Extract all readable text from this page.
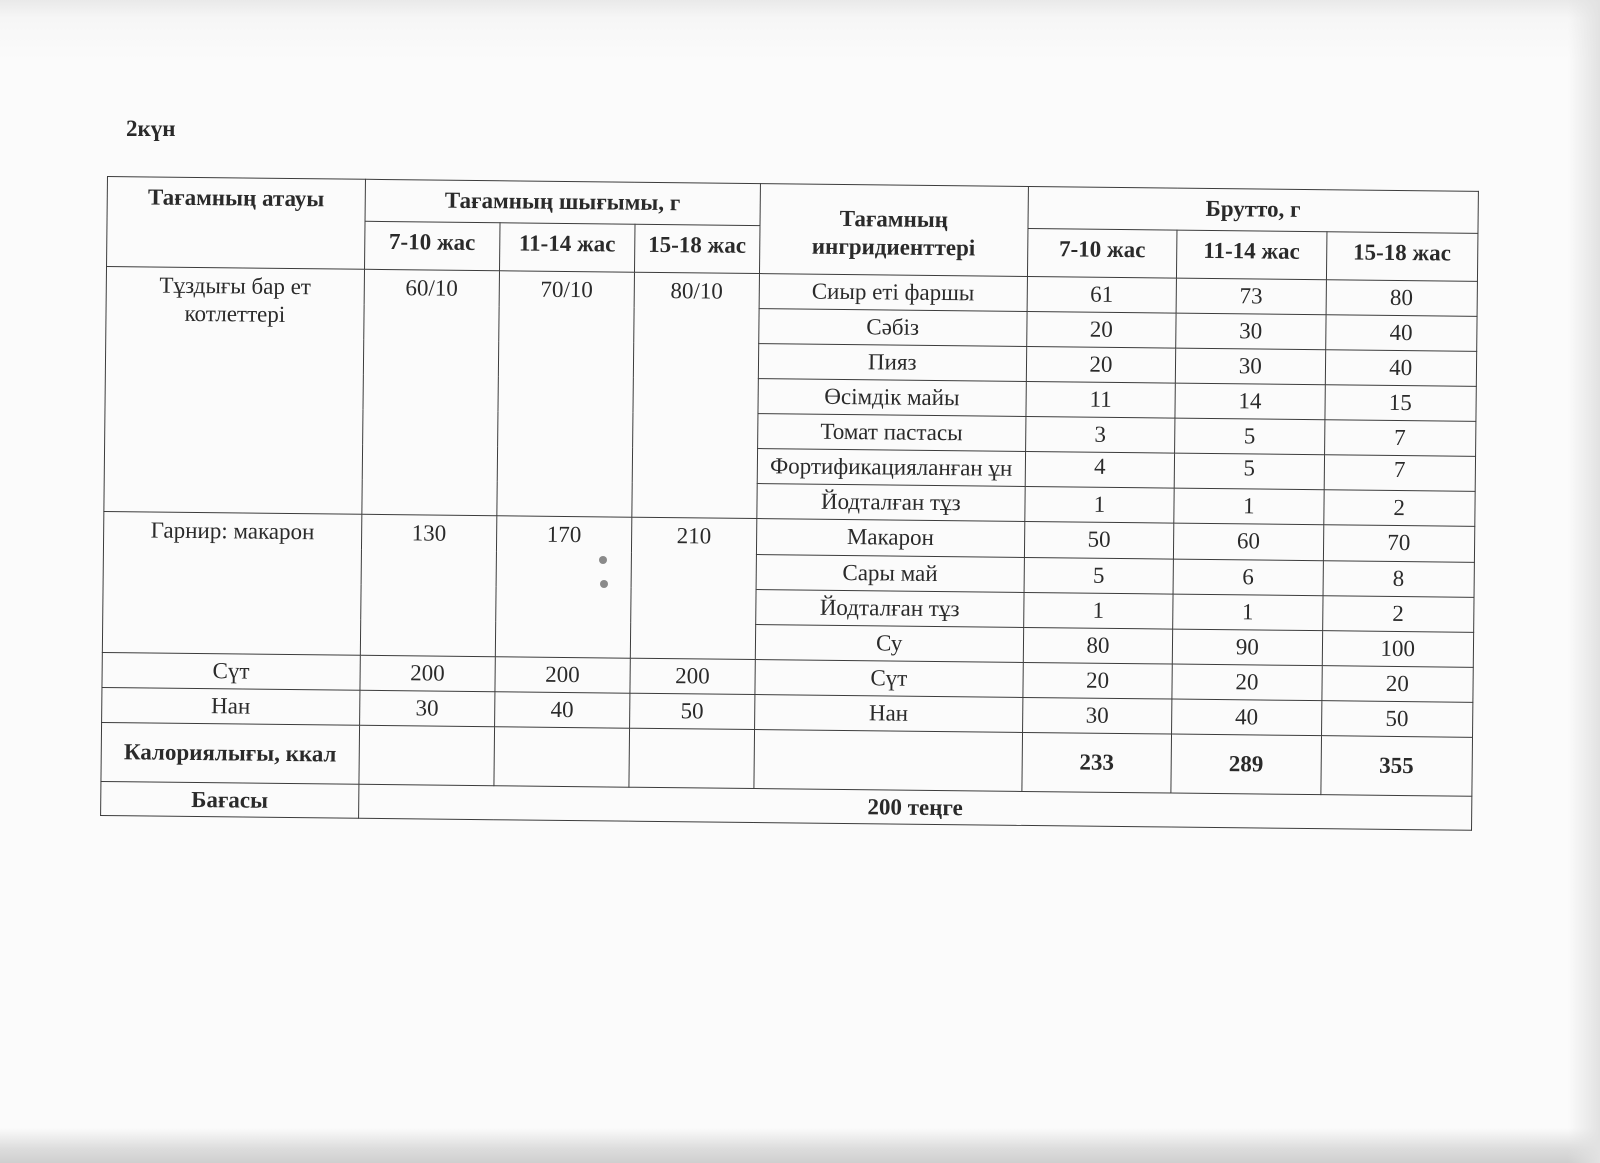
2күн
Тағамның атауы	Тағамның шығымы, г			Тағамның ингридиенттері	Брутто, г		
	7-10 жас	11-14 жас	15-18 жас		7-10 жас	11-14 жас	15-18 жас
Тұздығы бар ет котлеттері	60/10	70/10	80/10	Сиыр еті фаршы	61	73	80
				Сәбіз	20	30	40
				Пияз	20	30	40
				Өсімдік майы	11	14	15
				Томат пастасы	3	5	7
				Фортификацияланған ұн	4	5	7
				Йодталған тұз	1	1	2
Гарнир: макарон	130	170	210	Макарон	50	60	70
				Сары май	5	6	8
				Йодталған тұз	1	1	2
				Су	80	90	100
Сүт	200	200	200	Сүт	20	20	20
Нан	30	40	50	Нан	30	40	50
Калориялығы, ккал					233	289	355
Бағасы	200 теңге						
